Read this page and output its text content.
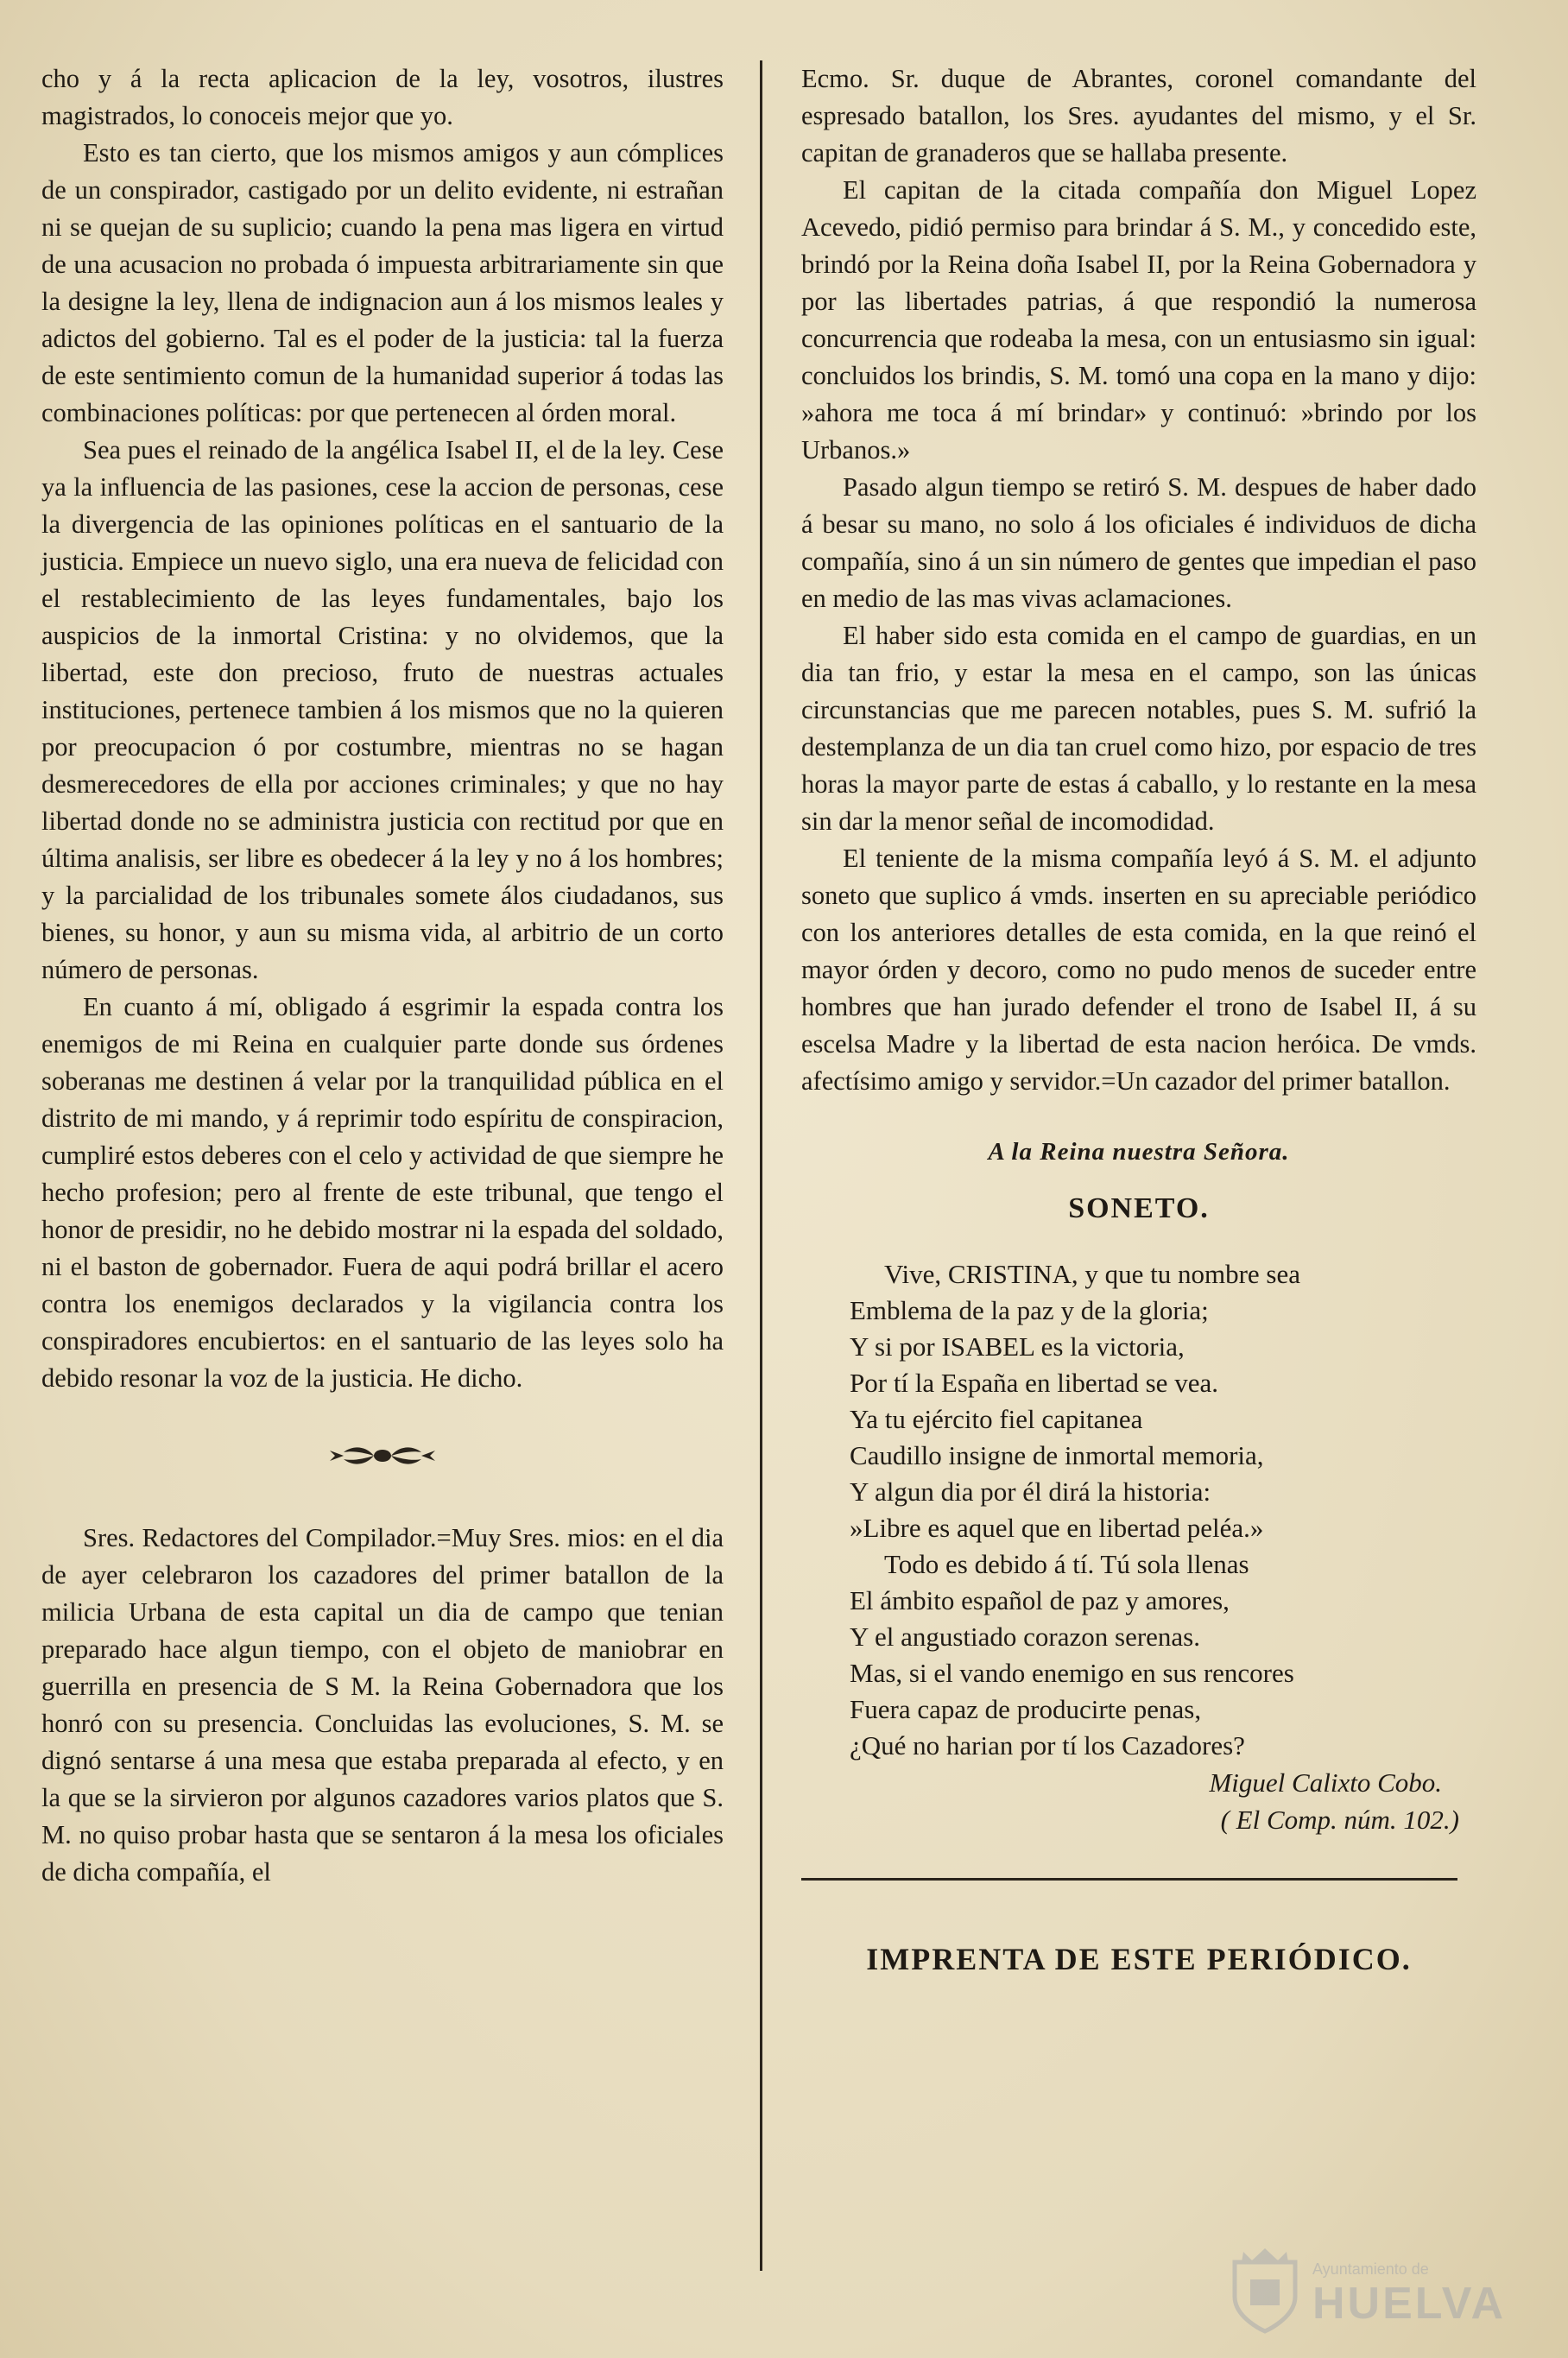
cho y á la recta aplicacion de la ley, vosotros, ilustres magistrados, lo conoceis mejor que yo.

Esto es tan cierto, que los mismos amigos y aun cómplices de un conspirador, castigado por un delito evidente, ni estrañan ni se quejan de su suplicio; cuando la pena mas ligera en virtud de una acusacion no probada ó impuesta arbitrariamente sin que la designe la ley, llena de indignacion aun á los mismos leales y adictos del gobierno. Tal es el poder de la justicia: tal la fuerza de este sentimiento comun de la humanidad superior á todas las combinaciones políticas: por que pertenecen al órden moral.

Sea pues el reinado de la angélica Isabel II, el de la ley. Cese ya la influencia de las pasiones, cese la accion de personas, cese la divergencia de las opiniones políticas en el santuario de la justicia. Empiece un nuevo siglo, una era nueva de felicidad con el restablecimiento de las leyes fundamentales, bajo los auspicios de la inmortal Cristina: y no olvidemos, que la libertad, este don precioso, fruto de nuestras actuales instituciones, pertenece tambien á los mismos que no la quieren por preocupacion ó por costumbre, mientras no se hagan desmerecedores de ella por acciones criminales; y que no hay libertad donde no se administra justicia con rectitud por que en última analisis, ser libre es obedecer á la ley y no á los hombres; y la parcialidad de los tribunales somete álos ciudadanos, sus bienes, su honor, y aun su misma vida, al arbitrio de un corto número de personas.

En cuanto á mí, obligado á esgrimir la espada contra los enemigos de mi Reina en cualquier parte donde sus órdenes soberanas me destinen á velar por la tranquilidad pública en el distrito de mi mando, y á reprimir todo espíritu de conspiracion, cumpliré estos deberes con el celo y actividad de que siempre he hecho profesion; pero al frente de este tribunal, que tengo el honor de presidir, no he debido mostrar ni la espada del soldado, ni el baston de gobernador. Fuera de aqui podrá brillar el acero contra los enemigos declarados y la vigilancia contra los conspiradores encubiertos: en el santuario de las leyes solo ha debido resonar la voz de la justicia. He dicho.

Sres. Redactores del Compilador.=Muy Sres. mios: en el dia de ayer celebraron los cazadores del primer batallon de la milicia Urbana de esta capital un dia de campo que tenian preparado hace algun tiempo, con el objeto de maniobrar en guerrilla en presencia de S M. la Reina Gobernadora que los honró con su presencia. Concluidas las evoluciones, S. M. se dignó sentarse á una mesa que estaba preparada al efecto, y en la que se la sirvieron por algunos cazadores varios platos que S. M. no quiso probar hasta que se sentaron á la mesa los oficiales de dicha compañía, el

Ecmo. Sr. duque de Abrantes, coronel comandante del espresado batallon, los Sres. ayudantes del mismo, y el Sr. capitan de granaderos que se hallaba presente.

El capitan de la citada compañía don Miguel Lopez Acevedo, pidió permiso para brindar á S. M., y concedido este, brindó por la Reina doña Isabel II, por la Reina Gobernadora y por las libertades patrias, á que respondió la numerosa concurrencia que rodeaba la mesa, con un entusiasmo sin igual: concluidos los brindis, S. M. tomó una copa en la mano y dijo: »ahora me toca á mí brindar» y continuó: »brindo por los Urbanos.»

Pasado algun tiempo se retiró S. M. despues de haber dado á besar su mano, no solo á los oficiales é individuos de dicha compañía, sino á un sin número de gentes que impedian el paso en medio de las mas vivas aclamaciones.

El haber sido esta comida en el campo de guardias, en un dia tan frio, y estar la mesa en el campo, son las únicas circunstancias que me parecen notables, pues S. M. sufrió la destemplanza de un dia tan cruel como hizo, por espacio de tres horas la mayor parte de estas á caballo, y lo restante en la mesa sin dar la menor señal de incomodidad.

El teniente de la misma compañía leyó á S. M. el adjunto soneto que suplico á vmds. inserten en su apreciable periódico con los anteriores detalles de esta comida, en la que reinó el mayor órden y decoro, como no pudo menos de suceder entre hombres que han jurado defender el trono de Isabel II, á su escelsa Madre y la libertad de esta nacion heróica. De vmds. afectísimo amigo y servidor.=Un cazador del primer batallon.

A la Reina nuestra Señora.
SONETO.
Vive, CRISTINA, y que tu nombre sea
Emblema de la paz y de la gloria;
Y si por ISABEL es la victoria,
Por tí la España en libertad se vea.
Ya tu ejército fiel capitanea
Caudillo insigne de inmortal memoria,
Y algun dia por él dirá la historia:
»Libre es aquel que en libertad peléa.»
Todo es debido á tí. Tú sola llenas
El ámbito español de paz y amores,
Y el angustiado corazon serenas.
Mas, si el vando enemigo en sus rencores
Fuera capaz de producirte penas,
¿Qué no harian por tí los Cazadores?
Miguel Calixto Cobo.
( El Comp. núm. 102.)
IMPRENTA DE ESTE PERIÓDICO.
Ayuntamiento de
HUELVA
